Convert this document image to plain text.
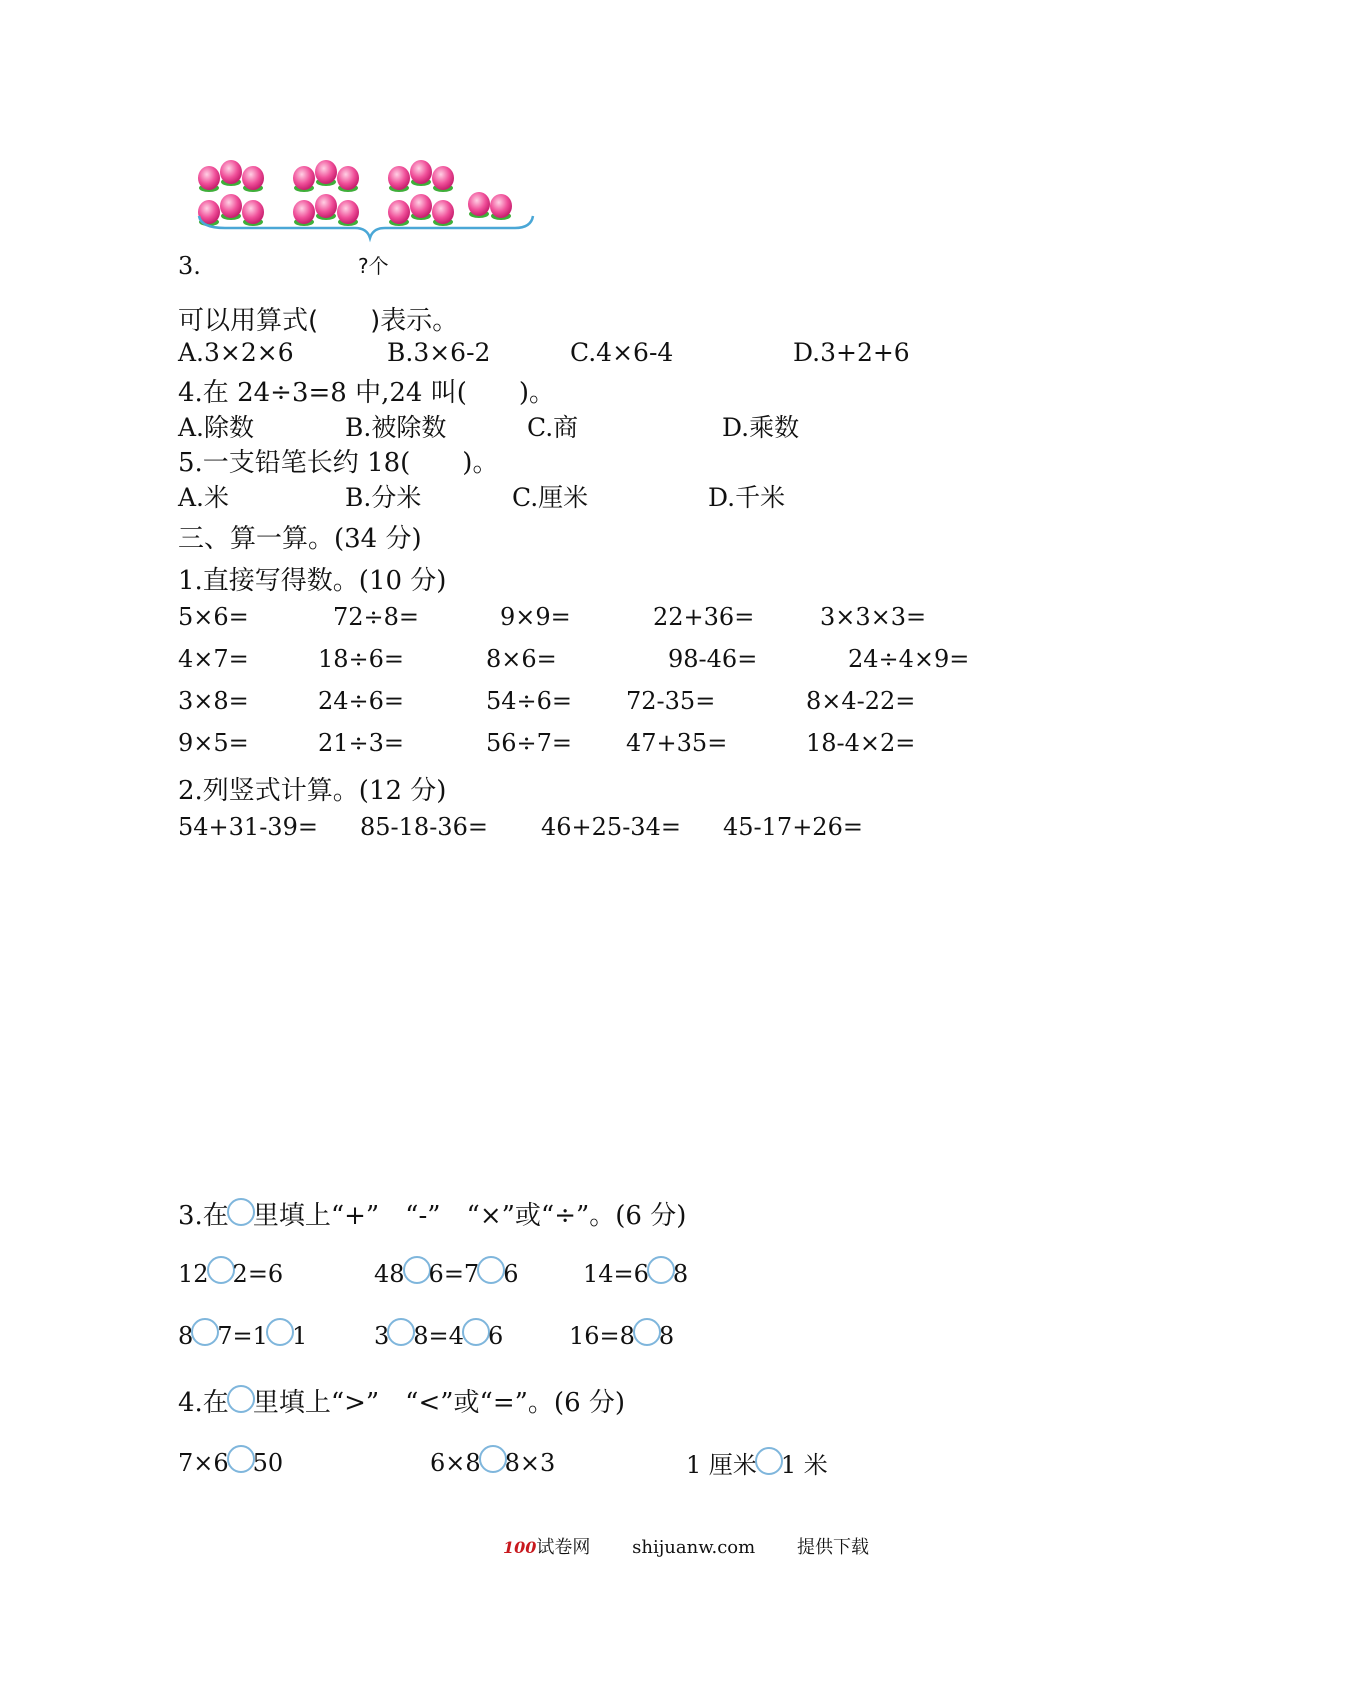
3.	?个
可以用算式(　　)表示。
A.3×2×6	B.3×6-2	C.4×6-4	D.3+2+6
4.在 24÷3=8 中,24 叫(　　)。
A.除数	B.被除数	C.商	D.乘数
5.一支铅笔长约 18(　　)。
A.米	B.分米	C.厘米	D.千米
三、算一算。(34 分)
1.直接写得数。(10 分)
5×6=	72÷8=	9×9=	22+36=	3×3×3=
4×7=	18÷6=	8×6=	98-46=	24÷4×9=
3×8=	24÷6=	54÷6= 72-35=	8×4-22=
9×5=	21÷3=	56÷7= 47+35=	18-4×2=
2.列竖式计算。(12 分)
54+31-39= 85-18-36= 46+25-34= 45-17+26=
3.在 里填上“+”　“-”　“×”或“÷”。(6 分)
12 2=6	48 6=7 6	14=6 8
8 7=1 1	3 8=4 6	16=8 8
4.在 里填上“>”　“<”或“=”。(6 分)
7×6 50	6×8 8×3	1 厘米 1 米
100试卷网 shijuanw.com 提供下载
